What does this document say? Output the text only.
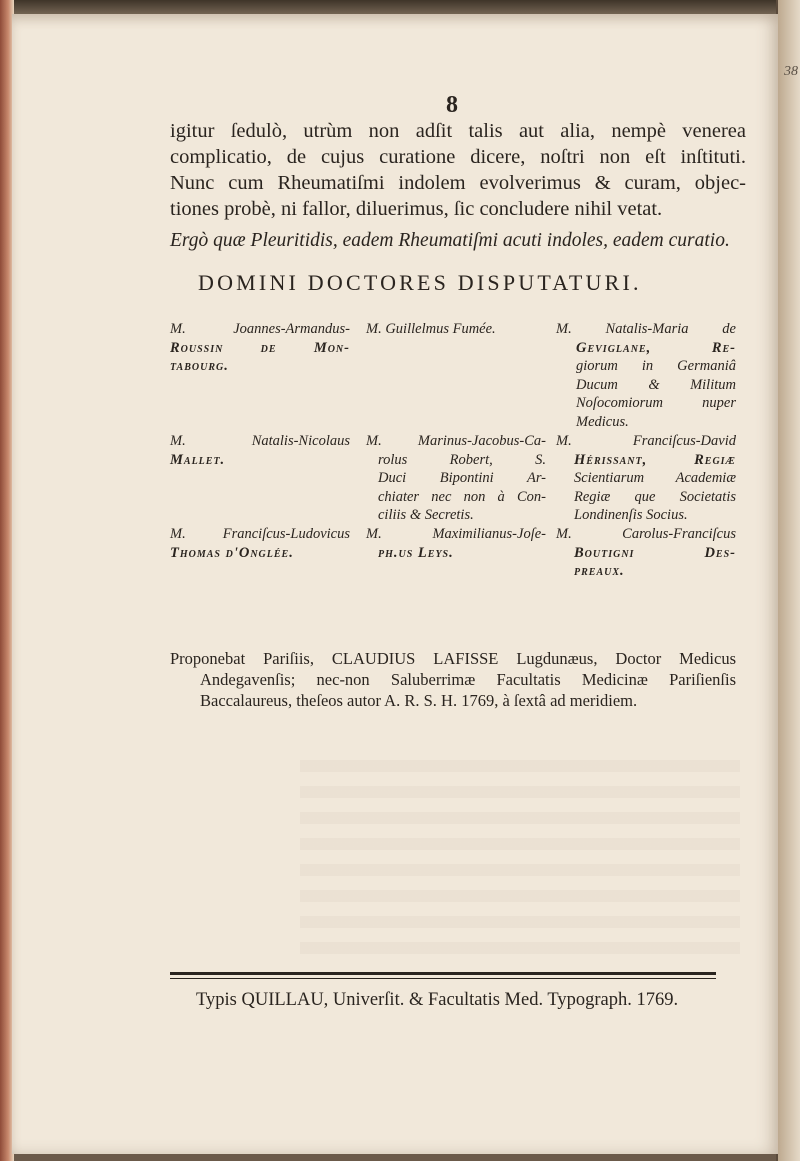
38
8
igitur ſedulò, utrùm non adſit talis aut alia, nempè venerea
complicatio, de cujus curatione dicere, noſtri non eſt inſtituti.
Nunc cum Rheumatiſmi indolem evolverimus & curam, objec-
tiones probè, ni fallor, diluerimus, ſic concludere nihil vetat.
Ergò quæ Pleuritidis, eadem Rheumatiſmi acuti indoles, eadem curatio.
DOMINI DOCTORES DISPUTATURI.
M. Joannes-Armandus-
Roussin de Mon-
tabourg.
M. Guillelmus Fumée.	M. Natalis-Maria de
Geviglane, Re-
giorum in Germaniâ
Ducum & Militum
Noſocomiorum nuper
Medicus.
M. Natalis-Nicolaus
Mallet.
M. Marinus-Jacobus-Ca-
rolus Robert, S.
Duci Bipontini Ar-
chiater nec non à Con-
ciliis & Secretis.
M. Franciſcus-David
Hérissant, Regiæ
Scientiarum Academiæ
Regiæ que Societatis
Londinenſis Socius.
M. Franciſcus-Ludovicus
Thomas d'Onglée.
M. Maximilianus-Joſe-
ph.us Leys.
M. Carolus-Franciſcus
Boutigni Des-
preaux.
Proponebat Pariſiis, CLAUDIUS LAFISSE Lugdunæus, Doctor Medicus
Andegavenſis; nec-non Saluberrimæ Facultatis Medicinæ Pariſienſis
Baccalaureus, theſeos autor A. R. S. H. 1769, à ſextâ ad meridiem.
Typis QUILLAU, Univerſit. & Facultatis Med. Typograph. 1769.
